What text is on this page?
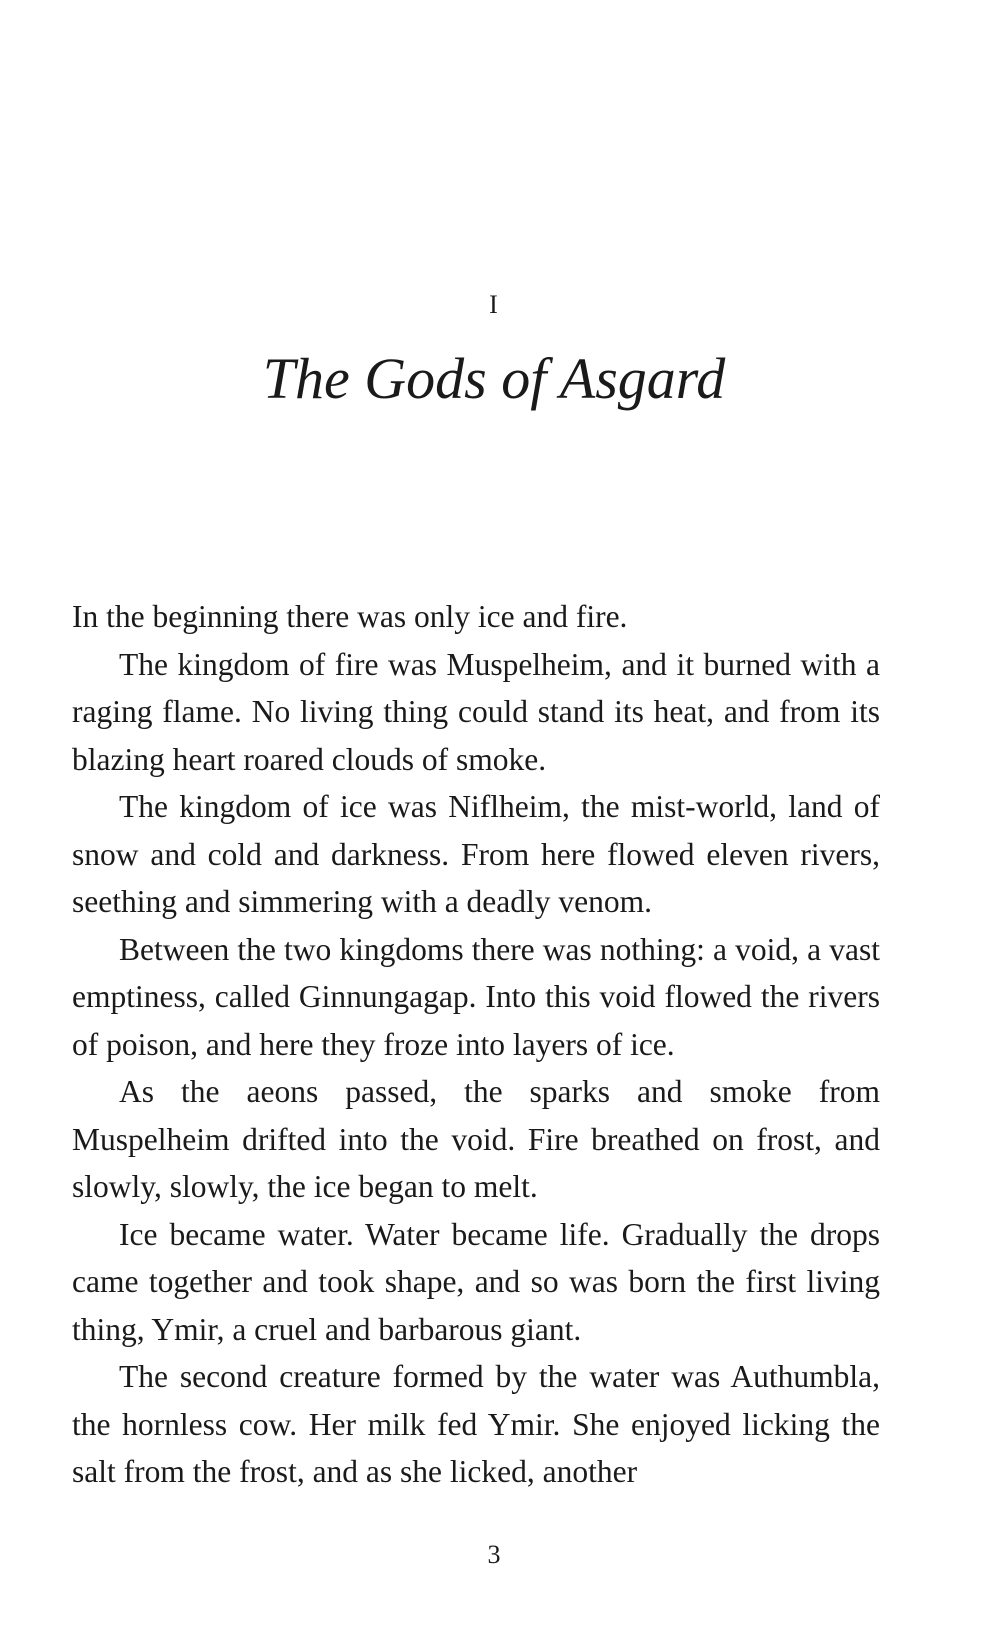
I
The Gods of Asgard

In the beginning there was only ice and fire.

The kingdom of fire was Muspelheim, and it burned with a raging flame. No living thing could stand its heat, and from its blazing heart roared clouds of smoke.

The kingdom of ice was Niflheim, the mist-world, land of snow and cold and darkness. From here flowed eleven rivers, seething and simmering with a deadly venom.

Between the two kingdoms there was nothing: a void, a vast emptiness, called Ginnungagap. Into this void flowed the rivers of poison, and here they froze into layers of ice.

As the aeons passed, the sparks and smoke from Muspelheim drifted into the void. Fire breathed on frost, and slowly, slowly, the ice began to melt.

Ice became water. Water became life. Gradually the drops came together and took shape, and so was born the first living thing, Ymir, a cruel and barbarous giant.

The second creature formed by the water was Authumbla, the hornless cow. Her milk fed Ymir. She enjoyed licking the salt from the frost, and as she licked, another

3
